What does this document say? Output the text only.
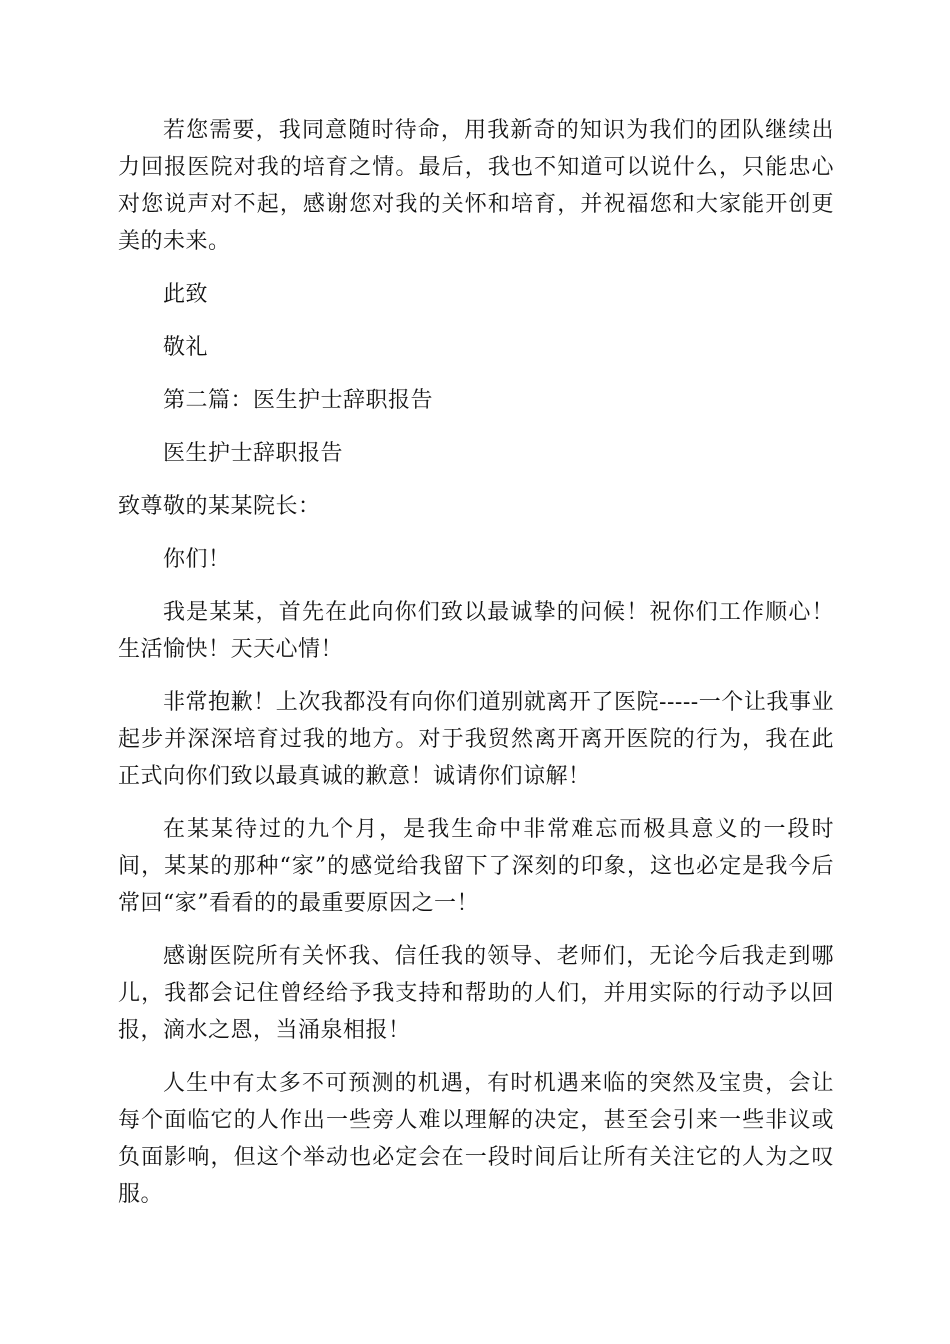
若您需要，我同意随时待命，用我新奇的知识为我们的团队继续出力回报医院对我的培育之情。最后，我也不知道可以说什么，只能忠心对您说声对不起，感谢您对我的关怀和培育，并祝福您和大家能开创更美的未来。

此致

敬礼

第二篇：医生护士辞职报告

医生护士辞职报告

致尊敬的某某院长：

你们！

我是某某，首先在此向你们致以最诚挚的问候！祝你们工作顺心！生活愉快！天天心情！

非常抱歉！上次我都没有向你们道别就离开了医院-----一个让我事业起步并深深培育过我的地方。对于我贸然离开离开医院的行为，我在此正式向你们致以最真诚的歉意！诚请你们谅解！

在某某待过的九个月，是我生命中非常难忘而极具意义的一段时间，某某的那种“家”的感觉给我留下了深刻的印象，这也必定是我今后常回“家”看看的的最重要原因之一！

感谢医院所有关怀我、信任我的领导、老师们，无论今后我走到哪儿，我都会记住曾经给予我支持和帮助的人们，并用实际的行动予以回报，滴水之恩，当涌泉相报！

人生中有太多不可预测的机遇，有时机遇来临的突然及宝贵，会让每个面临它的人作出一些旁人难以理解的决定，甚至会引来一些非议或负面影响，但这个举动也必定会在一段时间后让所有关注它的人为之叹服。
